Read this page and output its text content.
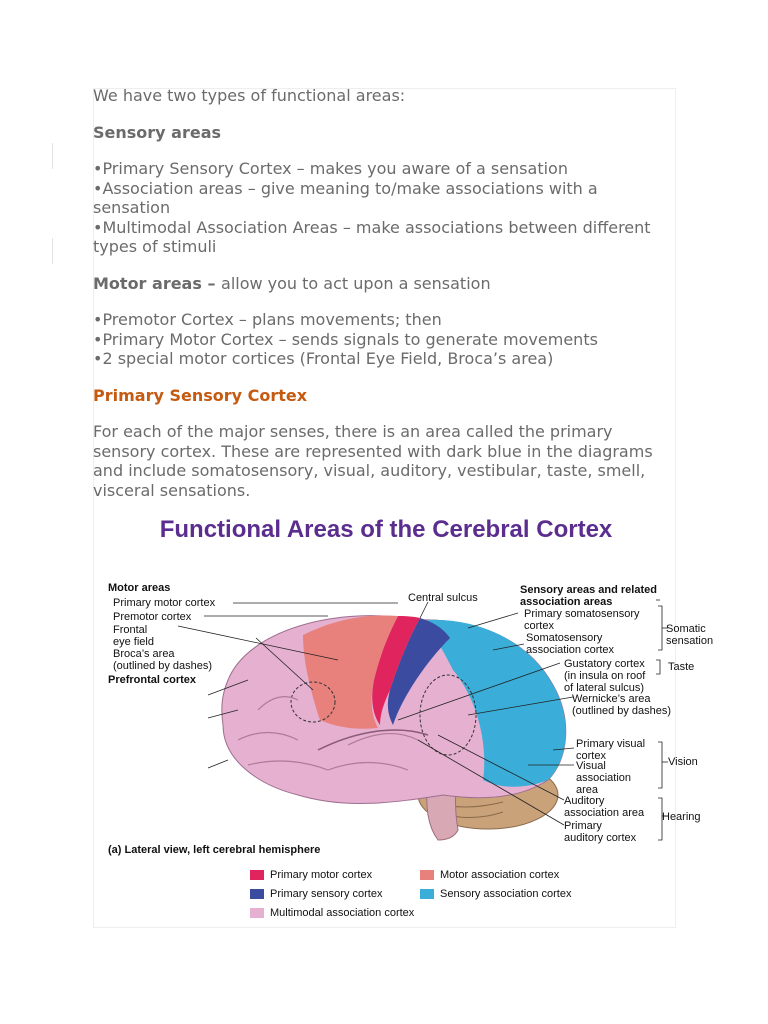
We have two types of functional areas:

Sensory areas

•Primary Sensory Cortex – makes you aware of a sensation

•Association areas – give meaning to/make associations with a sensation

•Multimodal Association Areas – make associations between different types of stimuli

Motor areas – allow you to act upon a sensation

•Premotor Cortex – plans movements; then

•Primary Motor Cortex – sends signals to generate movements

•2 special motor cortices (Frontal Eye Field, Broca’s area)

Primary Sensory Cortex

For each of the major senses, there is an area called the primary sensory cortex. These are represented with dark blue in the diagrams and include somatosensory, visual, auditory, vestibular, taste, smell, visceral sensations.

Functional Areas of the Cerebral Cortex
Motor areas
Primary motor cortex
Premotor cortex
Frontal
eye field
Broca’s area
(outlined by dashes)
Prefrontal cortex
Central sulcus
Sensory areas and related
association areas
Primary somatosensory
cortex
Somatosensory
association cortex
Somatic
sensation
Gustatory cortex
(in insula on roof
of lateral sulcus)
Taste
Wernicke’s area
(outlined by dashes)
Primary visual
cortex
Visual
association
area
Vision
Auditory
association area
Primary
auditory cortex
Hearing
(a) Lateral view, left cerebral hemisphere
Primary motor cortex	Motor association cortex
Primary sensory cortex	Sensory association cortex
Multimodal association cortex
